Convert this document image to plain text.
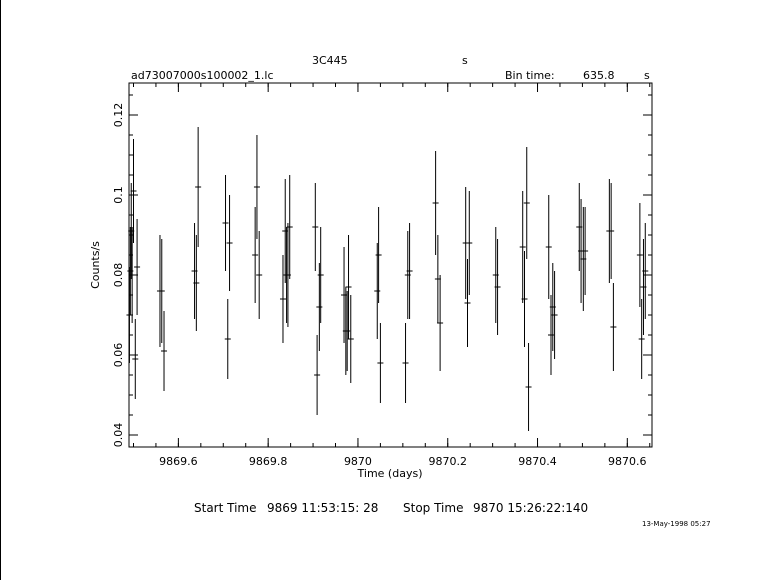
3C445	s
ad73007000s100002_1.lc	Bin time:	635.8	s
9869.6	9869.8	9870	9870.2	9870.4	9870.6
0.04
0.06
0.08
0.1
0.12
Time (days)
Counts/s
Start Time 9869 11:53:15: 28 Stop Time 9870 15:26:22:140
13-May-1998 05:27
